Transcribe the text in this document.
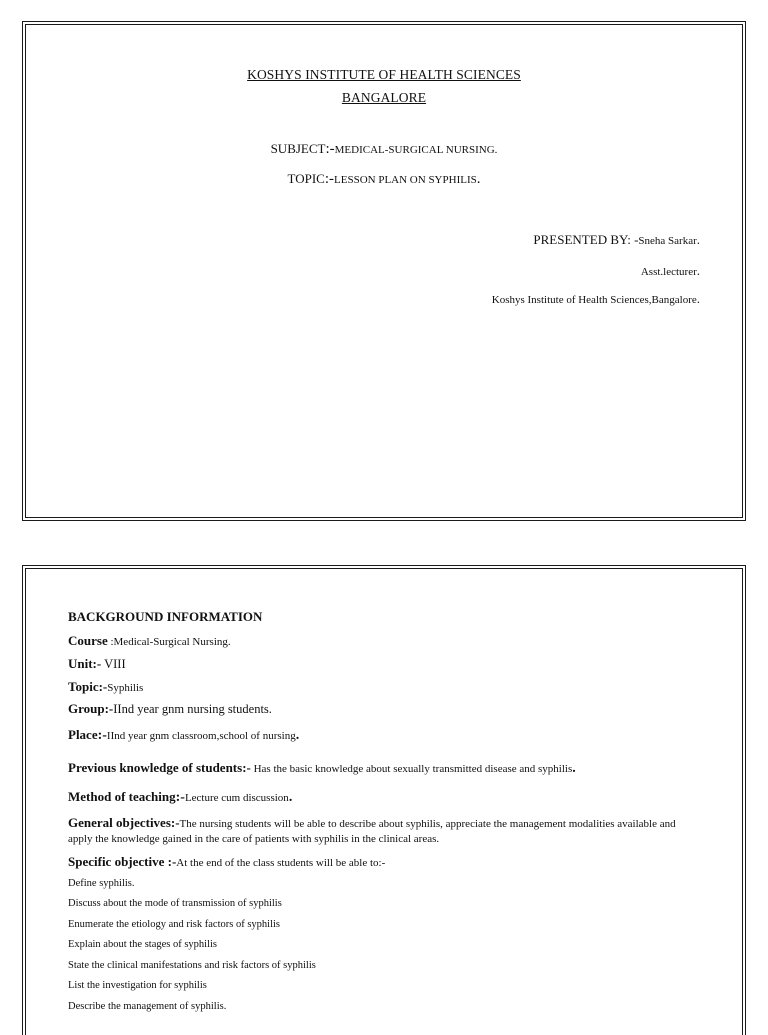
KOSHYS INSTITUTE OF HEALTH SCIENCES
BANGALORE
SUBJECT:-MEDICAL-SURGICAL NURSING.
TOPIC:-LESSON PLAN ON SYPHILIS.
PRESENTED BY: -Sneha Sarkar.
Asst.lecturer.
Koshys Institute of Health Sciences,Bangalore.
BACKGROUND INFORMATION
Course :Medical-Surgical Nursing.
Unit:- VIII
Topic:-Syphilis
Group:-IInd year gnm nursing students.
Place:-IInd year gnm classroom,school of nursing.
Previous knowledge of students:- Has the basic knowledge about sexually transmitted disease and syphilis.
Method of teaching:-Lecture cum discussion.
General objectives:-The nursing students will be able to describe about syphilis, appreciate the management modalities available and apply the knowledge gained in the care of patients with syphilis in the clinical areas.
Specific objective :-At the end of the class students will be able to:-
Define syphilis.
Discuss about the mode of transmission of syphilis
Enumerate the etiology and risk factors of syphilis
Explain about the stages of syphilis
State the clinical manifestations and risk factors of syphilis
List the investigation for syphilis
Describe the management of syphilis.
